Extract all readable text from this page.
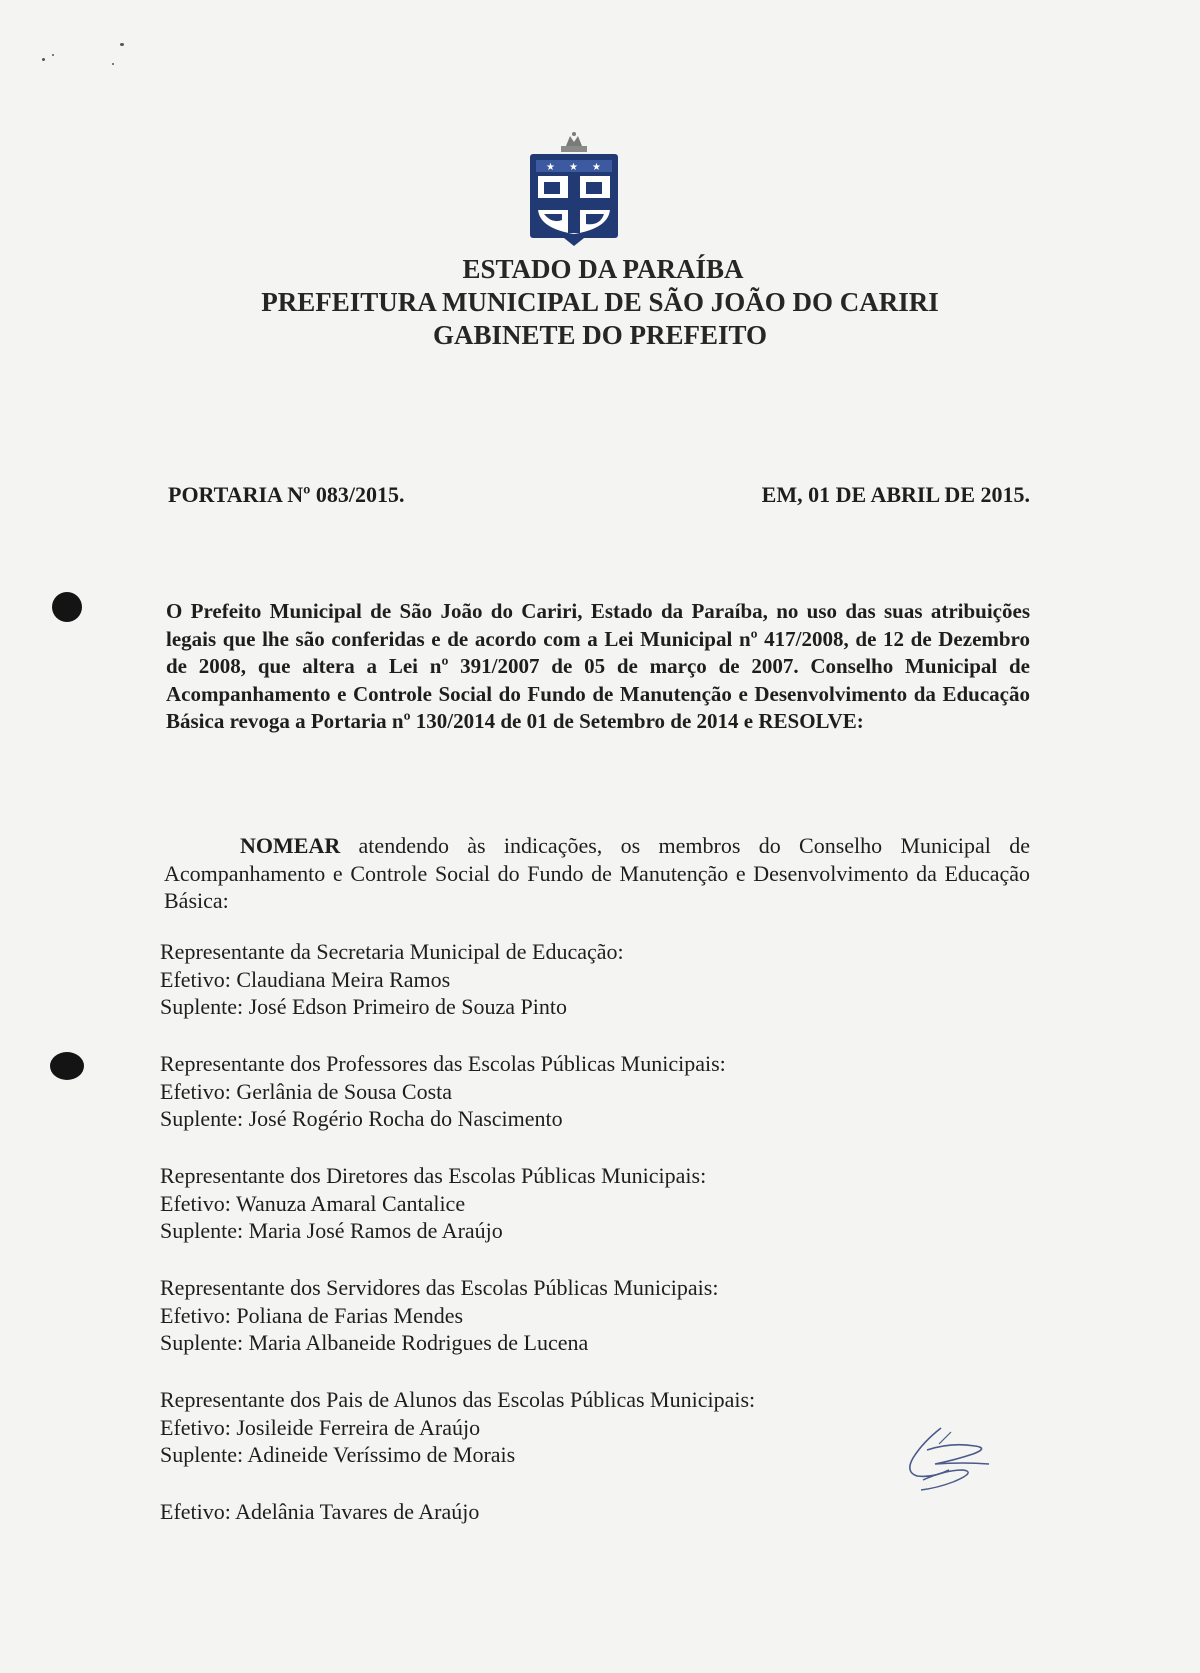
★ ★ ★
ESTADO DA PARAÍBA
PREFEITURA MUNICIPAL DE SÃO JOÃO DO CARIRI
GABINETE DO PREFEITO
PORTARIA Nº 083/2015.	EM, 01 DE ABRIL DE 2015.
O Prefeito Municipal de São João do Cariri, Estado da Paraíba, no uso das suas atribuições legais que lhe são conferidas e de acordo com a Lei Municipal nº 417/2008, de 12 de Dezembro de 2008, que altera a Lei nº 391/2007 de 05 de março de 2007. Conselho Municipal de Acompanhamento e Controle Social do Fundo de Manutenção e Desenvolvimento da Educação Básica revoga a Portaria nº 130/2014 de 01 de Setembro de 2014 e RESOLVE:
NOMEAR atendendo às indicações, os membros do Conselho Municipal de Acompanhamento e Controle Social do Fundo de Manutenção e Desenvolvimento da Educação Básica:
Representante da Secretaria Municipal de Educação:
Efetivo: Claudiana Meira Ramos
Suplente: José Edson Primeiro de Souza Pinto
Representante dos Professores das Escolas Públicas Municipais:
Efetivo: Gerlânia de Sousa Costa
Suplente: José Rogério Rocha do Nascimento
Representante dos Diretores das Escolas Públicas Municipais:
Efetivo: Wanuza Amaral Cantalice
Suplente: Maria José Ramos de Araújo
Representante dos Servidores das Escolas Públicas Municipais:
Efetivo: Poliana de Farias Mendes
Suplente: Maria Albaneide Rodrigues de Lucena
Representante dos Pais de Alunos das Escolas Públicas Municipais:
Efetivo: Josileide Ferreira de Araújo
Suplente: Adineide Veríssimo de Morais
Efetivo: Adelânia Tavares de Araújo
